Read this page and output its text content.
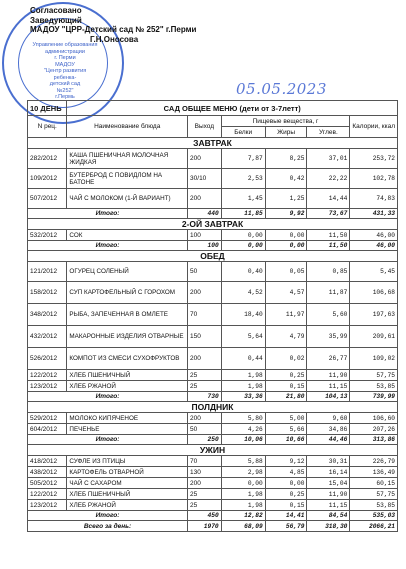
Управление образования
администрации
г. Перми
МАДОУ
"Центр развития
ребенка-
детский сад
№252"
г.Пермь
Согласовано
Заведующий
МАДОУ "ЦРР-Детский сад № 252" г.Перми
Г.Н.Оносова
05.05.2023
10 ДЕНЬ	САД ОБЩЕЕ МЕНЮ (дети от 3-7летт)					
N рец.	Наименование блюда	Выход	Пищевые вещества, г			Калории, ккал
			Белки	Жиры	Углев.	
ЗАВТРАК						
282/2012	КАША ПШЕНИЧНАЯ МОЛОЧНАЯ ЖИДКАЯ	200	7,87	8,25	37,01	253,72
109/2012	БУТЕРБРОД С ПОВИДЛОМ НА БАТОНЕ	30/10	2,53	0,42	22,22	102,78
507/2012	ЧАЙ С МОЛОКОМ (1-Й ВАРИАНТ)	200	1,45	1,25	14,44	74,83
Итого:		440	11,85	9,92	73,67	431,33
2-ОЙ ЗАВТРАК						
532/2012	СОК	100	0,00	0,00	11,50	46,00
Итого:		100	0,00	0,00	11,50	46,00
ОБЕД						
121/2012	ОГУРЕЦ СОЛЕНЫЙ	50	0,40	0,05	0,85	5,45
158/2012	СУП КАРТОФЕЛЬНЫЙ С ГОРОХОМ	200	4,52	4,57	11,87	106,68
348/2012	РЫБА, ЗАПЕЧЕННАЯ В ОМЛЕТЕ	70	18,40	11,97	5,60	197,63
432/2012	МАКАРОННЫЕ ИЗДЕЛИЯ ОТВАРНЫЕ	150	5,64	4,79	35,99	209,61
526/2012	КОМПОТ ИЗ СМЕСИ СУХОФРУКТОВ	200	0,44	0,02	26,77	109,02
122/2012	ХЛЕБ ПШЕНИЧНЫЙ	25	1,98	0,25	11,90	57,75
123/2012	ХЛЕБ РЖАНОЙ	25	1,98	0,15	11,15	53,85
Итого:		730	33,36	21,80	104,13	739,99
ПОЛДНИК						
529/2012	МОЛОКО КИПЯЧЕНОЕ	200	5,80	5,00	9,60	106,60
604/2012	ПЕЧЕНЬЕ	50	4,26	5,66	34,86	207,26
Итого:		250	10,06	10,66	44,46	313,86
УЖИН						
418/2012	СУФЛЕ ИЗ ПТИЦЫ	70	5,88	9,12	30,31	226,79
438/2012	КАРТОФЕЛЬ ОТВАРНОЙ	130	2,98	4,85	16,14	136,49
505/2012	ЧАЙ С САХАРОМ	200	0,00	0,00	15,04	60,15
122/2012	ХЛЕБ ПШЕНИЧНЫЙ	25	1,98	0,25	11,90	57,75
123/2012	ХЛЕБ РЖАНОЙ	25	1,98	0,15	11,15	53,85
Итого:		450	12,82	14,41	84,54	535,03
Всего за день:		1970	68,09	56,79	318,30	2066,21
